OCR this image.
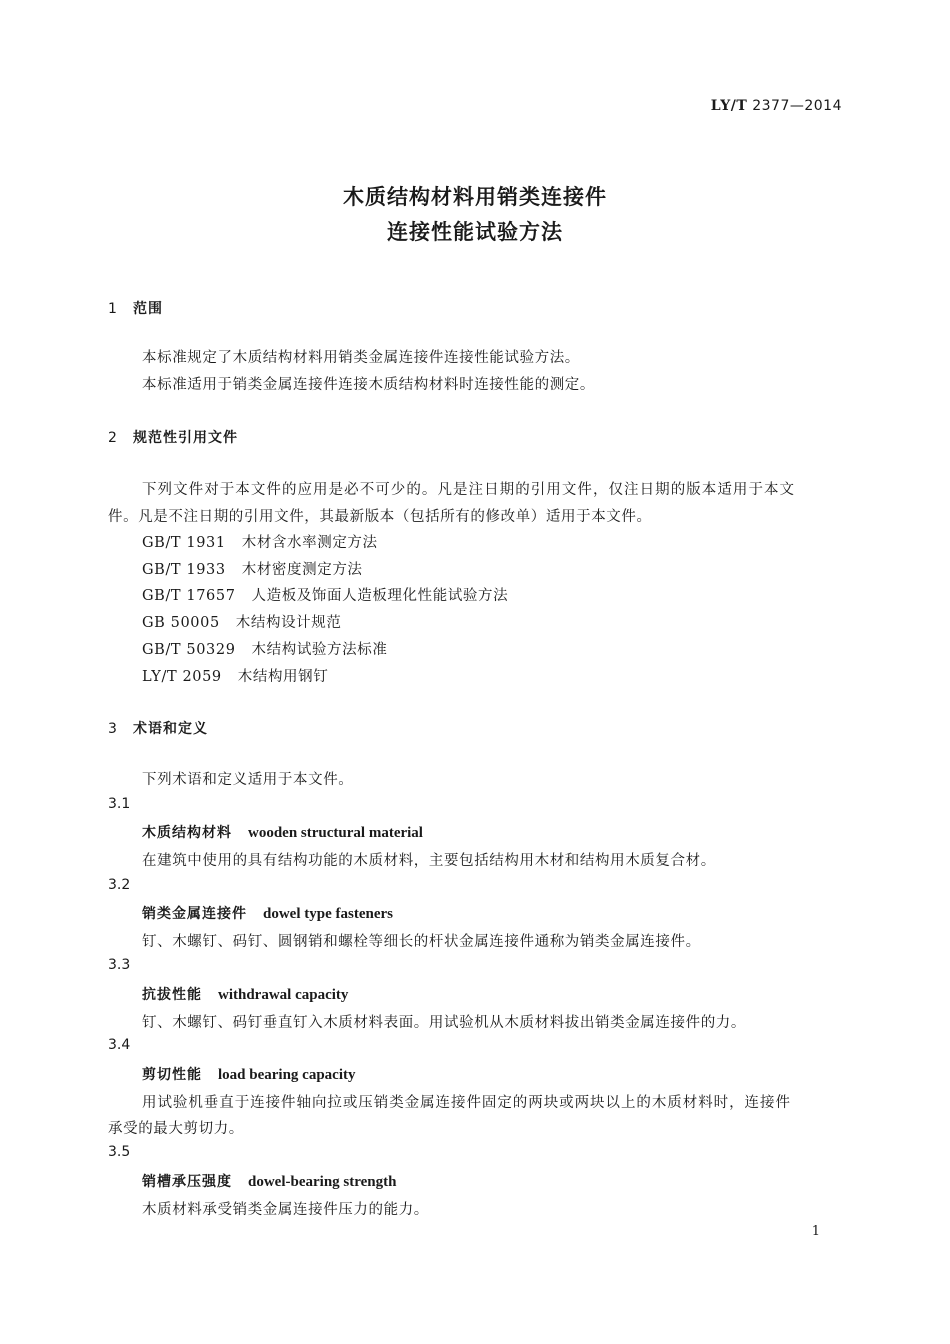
LY/T 2377—2014
木质结构材料用销类连接件
连接性能试验方法
1 范围
本标准规定了木质结构材料用销类金属连接件连接性能试验方法。
本标准适用于销类金属连接件连接木质结构材料时连接性能的测定。
2 规范性引用文件
下列文件对于本文件的应用是必不可少的。凡是注日期的引用文件，仅注日期的版本适用于本文
件。凡是不注日期的引用文件，其最新版本（包括所有的修改单）适用于本文件。
GB/T 1931 木材含水率测定方法
GB/T 1933 木材密度测定方法
GB/T 17657 人造板及饰面人造板理化性能试验方法
GB 50005 木结构设计规范
GB/T 50329 木结构试验方法标准
LY/T 2059 木结构用钢钉
3 术语和定义
下列术语和定义适用于本文件。
3.1
木质结构材料 wooden structural material
在建筑中使用的具有结构功能的木质材料，主要包括结构用木材和结构用木质复合材。
3.2
销类金属连接件 dowel type fasteners
钉、木螺钉、码钉、圆钢销和螺栓等细长的杆状金属连接件通称为销类金属连接件。
3.3
抗拔性能 withdrawal capacity
钉、木螺钉、码钉垂直钉入木质材料表面。用试验机从木质材料拔出销类金属连接件的力。
3.4
剪切性能 load bearing capacity
用试验机垂直于连接件轴向拉或压销类金属连接件固定的两块或两块以上的木质材料时，连接件
承受的最大剪切力。
3.5
销槽承压强度 dowel-bearing strength
木质材料承受销类金属连接件压力的能力。
1
